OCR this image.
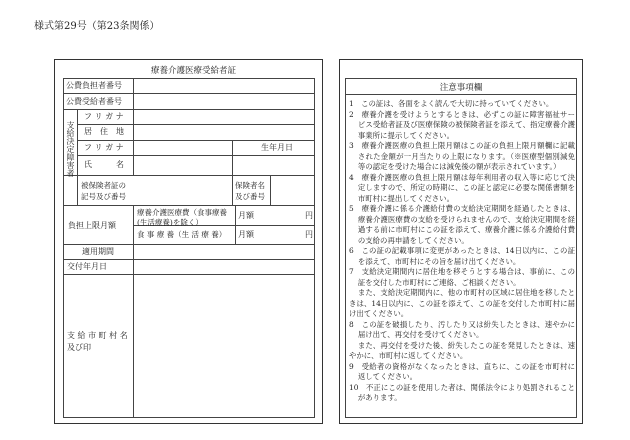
様式第29号（第23条関係）
療養介護医療受給者証
公費負担者番号
公費受給者番号
支給決定障害者
フ リ ガ ナ
居　住　地
フ リ ガ ナ	生年月日
氏　　　名
被保険者証の記号及び番号
保険者名及び番号
負担上限月額
療養介護医療費（食事療養(生活療養)を除く）
月額	円
食 事 療 養（生 活 療 養） 月額	円
適用期間
交付年月日
支 給 市 町 村 名及び印
注意事項欄
1　この証は、各面をよく読んで大切に持っていてください。
2　療養介護を受けようとするときは、必ずこの証に障害福祉サービス受給者証及び医療保険の被保険者証を添えて、指定療養介護事業所に提示してください。
3　療養介護医療の負担上限月額はこの証の負担上限月額欄に記載された金額が一月当たりの上限になります。（※医療型個別減免等の認定を受けた場合には減免後の額が表示されています。）
4　療養介護医療の負担上限月額は毎年利用者の収入等に応じて決定しますので、所定の時期に、この証と認定に必要な関係書類を市町村に提出してください。
5　療養介護に係る介護給付費の支給決定期間を経過したときは、療養介護医療費の支給を受けられませんので、支給決定期間を経過する前に市町村にこの証を添えて、療養介護に係る介護給付費の支給の再申請をしてください。
6　この証の記載事項に変更があったときは、14日以内に、この証を添えて、市町村にその旨を届け出てください。
7　支給決定期間内に居住地を移そうとする場合は、事前に、この証を交付した市町村にご連絡、ご相談ください。
また、支給決定期間内に、他の市町村の区域に居住地を移したときは、14日以内に、この証を添えて、この証を交付した市町村に届け出てください。
8　この証を破損したり、汚したり又は紛失したときは、速やかに届け出て、再交付を受けてください。
また、再交付を受けた後、紛失したこの証を発見したときは、速やかに、市町村に返してください。
9　受給者の資格がなくなったときは、直ちに、この証を市町村に返してください。
10　不正にこの証を使用した者は、関係法令により処罰されることがあります。
